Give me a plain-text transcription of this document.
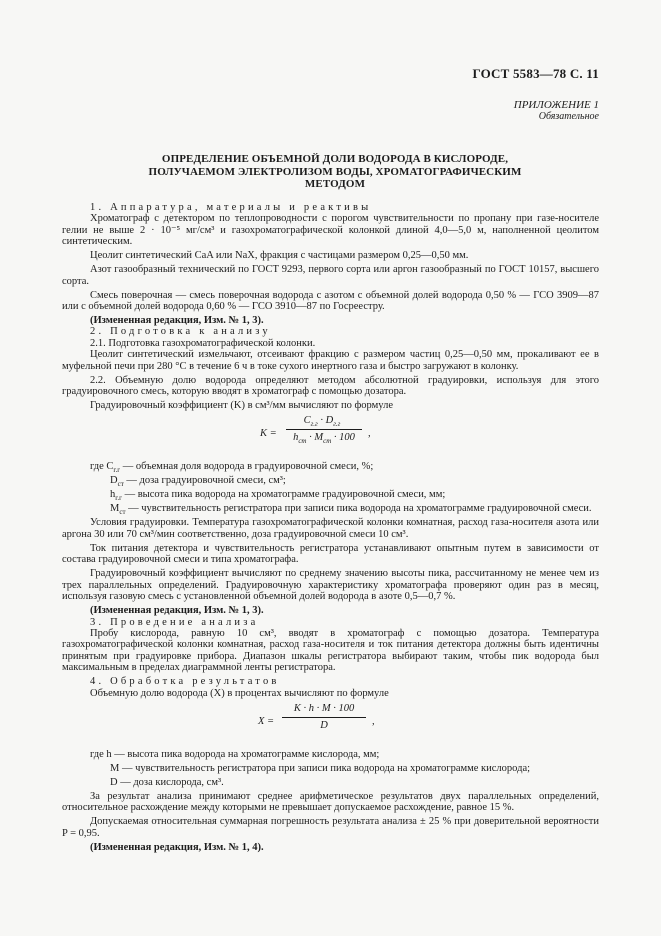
ГОСТ 5583—78 С. 11
ПРИЛОЖЕНИЕ 1
Обязательное
ОПРЕДЕЛЕНИЕ ОБЪЕМНОЙ ДОЛИ ВОДОРОДА В КИСЛОРОДЕ,
ПОЛУЧАЕМОМ ЭЛЕКТРОЛИЗОМ ВОДЫ, ХРОМАТОГРАФИЧЕСКИМ
МЕТОДОМ

1. Аппаратура, материалы и реактивы

Хроматограф с детектором по теплопроводности с порогом чувствительности по пропану при газе-носителе гелии не выше 2 · 10⁻⁵ мг/см³ и газохроматографической колонкой длиной 4,0—5,0 м, наполненной цеолитом синтетическим.

Цеолит синтетический CaA или NaX, фракция с частицами размером 0,25—0,50 мм.

Азот газообразный технический по ГОСТ 9293, первого сорта или аргон газообразный по ГОСТ 10157, высшего сорта.

Смесь поверочная — смесь поверочная водорода с азотом с объемной долей водорода 0,50 % — ГСО 3909—87 или с объемной долей водорода 0,60 % — ГСО 3910—87 по Госреестру.

(Измененная редакция, Изм. № 1, 3).

2. Подготовка к анализу

2.1. Подготовка газохроматографической колонки.

Цеолит синтетический измельчают, отсеивают фракцию с размером частиц 0,25—0,50 мм, прокаливают ее в муфельной печи при 280 °C в течение 6 ч в токе сухого инертного газа и быстро загружают в колонку.

2.2. Объемную долю водорода определяют методом абсолютной градуировки, используя для этого градуировочного смесь, которую вводят в хроматограф с помощью дозатора.

Градуировочный коэффициент (K) в см³/мм вычисляют по формуле

K =
$C_{г.г} \cdot D_{г.г}$
$h_{ст} \cdot M_{ст} \cdot 100$	,

где $C_{г.г}$ — объемная доля водорода в градуировочной смеси, %;

$D_{ст}$ — доза градуировочной смеси, см³;

$h_{г.г}$ — высота пика водорода на хроматограмме градуировочной смеси, мм;

$M_{ст}$ — чувствительность регистратора при записи пика водорода на хроматограмме градуировочной смеси.

Условия градуировки. Температура газохроматографической колонки комнатная, расход газа-носителя азота или аргона 30 или 70 см³/мин соответственно, доза градуировочной смеси 10 см³.

Ток питания детектора и чувствительность регистратора устанавливают опытным путем в зависимости от состава градуировочной смеси и типа хроматографа.

Градуировочный коэффициент вычисляют по среднему значению высоты пика, рассчитанному не менее чем из трех параллельных определений. Градуировочную характеристику хроматографа проверяют один раз в месяц, используя газовую смесь с установленной объемной долей водорода в азоте 0,5—0,7 %.

(Измененная редакция, Изм. № 1, 3).

3. Проведение анализа

Пробу кислорода, равную 10 см³, вводят в хроматограф с помощью дозатора. Температура газохроматографической колонки комнатная, расход газа-носителя и ток питания детектора должны быть идентичны принятым при градуировке прибора. Диапазон шкалы регистратора выбирают таким, чтобы пик водорода был максимальным в пределах диаграммной ленты регистратора.

4. Обработка результатов

Объемную долю водорода (X) в процентах вычисляют по формуле

X =
K · h · M · 100
D	,

где h — высота пика водорода на хроматограмме кислорода, мм;

M — чувствительность регистратора при записи пика водорода на хроматограмме кислорода;

D — доза кислорода, см³.

За результат анализа принимают среднее арифметическое результатов двух параллельных определений, относительное расхождение между которыми не превышает допускаемое расхождение, равное 15 %.

Допускаемая относительная суммарная погрешность результата анализа ± 25 % при доверительной вероятности P = 0,95.

(Измененная редакция, Изм. № 1, 4).
